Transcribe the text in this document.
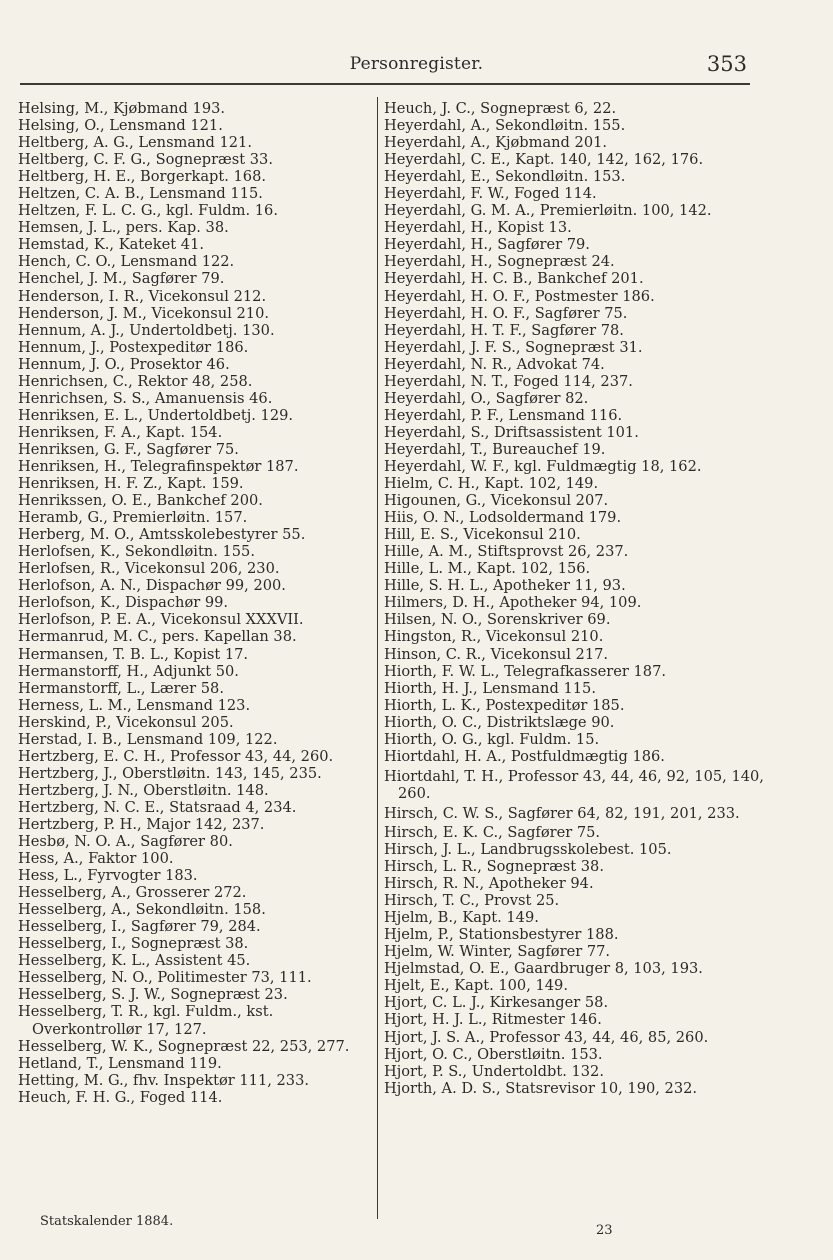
Personregister.	353
Helsing, M., Kjøbmand 193.
Helsing, O., Lensmand 121.
Heltberg, A. G., Lensmand 121.
Heltberg, C. F. G., Sognepræst 33.
Heltberg, H. E., Borgerkapt. 168.
Heltzen, C. A. B., Lensmand 115.
Heltzen, F. L. C. G., kgl. Fuldm. 16.
Hemsen, J. L., pers. Kap. 38.
Hemstad, K., Kateket 41.
Hench, C. O., Lensmand 122.
Henchel, J. M., Sagfører 79.
Henderson, I. R., Vicekonsul 212.
Henderson, J. M., Vicekonsul 210.
Hennum, A. J., Undertoldbetj. 130.
Hennum, J., Postexpeditør 186.
Hennum, J. O., Prosektor 46.
Henrichsen, C., Rektor 48, 258.
Henrichsen, S. S., Amanuensis 46.
Henriksen, E. L., Undertoldbetj. 129.
Henriksen, F. A., Kapt. 154.
Henriksen, G. F., Sagfører 75.
Henriksen, H., Telegrafinspektør 187.
Henriksen, H. F. Z., Kapt. 159.
Henrikssen, O. E., Bankchef 200.
Heramb, G., Premierløitn. 157.
Herberg, M. O., Amtsskolebestyrer 55.
Herlofsen, K., Sekondløitn. 155.
Herlofsen, R., Vicekonsul 206, 230.
Herlofson, A. N., Dispachør 99, 200.
Herlofson, K., Dispachør 99.
Herlofson, P. E. A., Vicekonsul XXXVII.
Hermanrud, M. C., pers. Kapellan 38.
Hermansen, T. B. L., Kopist 17.
Hermanstorff, H., Adjunkt 50.
Hermanstorff, L., Lærer 58.
Herness, L. M., Lensmand 123.
Herskind, P., Vicekonsul 205.
Herstad, I. B., Lensmand 109, 122.
Hertzberg, E. C. H., Professor 43, 44, 260.
Hertzberg, J., Oberstløitn. 143, 145, 235.
Hertzberg, J. N., Oberstløitn. 148.
Hertzberg, N. C. E., Statsraad 4, 234.
Hertzberg, P. H., Major 142, 237.
Hesbø, N. O. A., Sagfører 80.
Hess, A., Faktor 100.
Hess, L., Fyrvogter 183.
Hesselberg, A., Grosserer 272.
Hesselberg, A., Sekondløitn. 158.
Hesselberg, I., Sagfører 79, 284.
Hesselberg, I., Sognepræst 38.
Hesselberg, K. L., Assistent 45.
Hesselberg, N. O., Politimester 73, 111.
Hesselberg, S. J. W., Sognepræst 23.
Hesselberg, T. R., kgl. Fuldm., kst. Overkontrollør 17, 127.
Hesselberg, W. K., Sognepræst 22, 253, 277.
Hetland, T., Lensmand 119.
Hetting, M. G., fhv. Inspektør 111, 233.
Heuch, F. H. G., Foged 114.
Heuch, J. C., Sognepræst 6, 22.
Heyerdahl, A., Sekondløitn. 155.
Heyerdahl, A., Kjøbmand 201.
Heyerdahl, C. E., Kapt. 140, 142, 162, 176.
Heyerdahl, E., Sekondløitn. 153.
Heyerdahl, F. W., Foged 114.
Heyerdahl, G. M. A., Premierløitn. 100, 142.
Heyerdahl, H., Kopist 13.
Heyerdahl, H., Sagfører 79.
Heyerdahl, H., Sognepræst 24.
Heyerdahl, H. C. B., Bankchef 201.
Heyerdahl, H. O. F., Postmester 186.
Heyerdahl, H. O. F., Sagfører 75.
Heyerdahl, H. T. F., Sagfører 78.
Heyerdahl, J. F. S., Sognepræst 31.
Heyerdahl, N. R., Advokat 74.
Heyerdahl, N. T., Foged 114, 237.
Heyerdahl, O., Sagfører 82.
Heyerdahl, P. F., Lensmand 116.
Heyerdahl, S., Driftsassistent 101.
Heyerdahl, T., Bureauchef 19.
Heyerdahl, W. F., kgl. Fuldmægtig 18, 162.
Hielm, C. H., Kapt. 102, 149.
Higounen, G., Vicekonsul 207.
Hiis, O. N., Lodsoldermand 179.
Hill, E. S., Vicekonsul 210.
Hille, A. M., Stiftsprovst 26, 237.
Hille, L. M., Kapt. 102, 156.
Hille, S. H. L., Apotheker 11, 93.
Hilmers, D. H., Apotheker 94, 109.
Hilsen, N. O., Sorenskriver 69.
Hingston, R., Vicekonsul 210.
Hinson, C. R., Vicekonsul 217.
Hiorth, F. W. L., Telegrafkasserer 187.
Hiorth, H. J., Lensmand 115.
Hiorth, L. K., Postexpeditør 185.
Hiorth, O. C., Distriktslæge 90.
Hiorth, O. G., kgl. Fuldm. 15.
Hiortdahl, H. A., Postfuldmægtig 186.
Hiortdahl, T. H., Professor 43, 44, 46, 92, 105, 140, 260.
Hirsch, C. W. S., Sagfører 64, 82, 191, 201, 233.
Hirsch, E. K. C., Sagfører 75.
Hirsch, J. L., Landbrugsskolebest. 105.
Hirsch, L. R., Sognepræst 38.
Hirsch, R. N., Apotheker 94.
Hirsch, T. C., Provst 25.
Hjelm, B., Kapt. 149.
Hjelm, P., Stationsbestyrer 188.
Hjelm, W. Winter, Sagfører 77.
Hjelmstad, O. E., Gaardbruger 8, 103, 193.
Hjelt, E., Kapt. 100, 149.
Hjort, C. L. J., Kirkesanger 58.
Hjort, H. J. L., Ritmester 146.
Hjort, J. S. A., Professor 43, 44, 46, 85, 260.
Hjort, O. C., Oberstløitn. 153.
Hjort, P. S., Undertoldbt. 132.
Hjorth, A. D. S., Statsrevisor 10, 190, 232.
Statskalender 1884.
23
